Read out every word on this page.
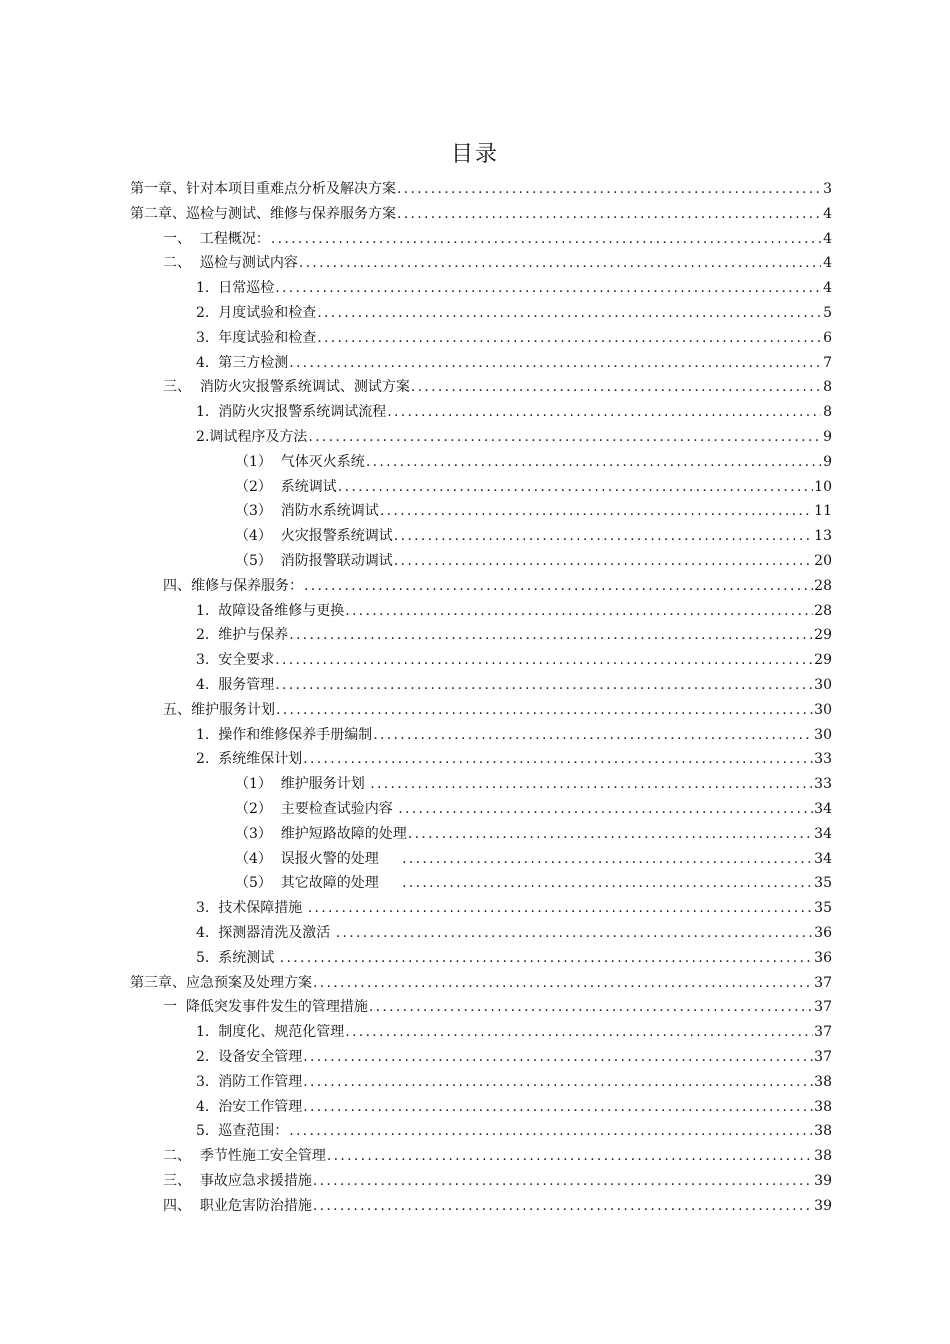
目录
第一章、针对本项目重难点分析及解决方案 .....	3
第二章、巡检与测试、维修与保养服务方案 .....	4
一、  工程概况： .....	4
二、  巡检与测试内容 .....	4
1.  日常巡检 .....	4
2.  月度试验和检查 .....	5
3.  年度试验和检查 .....	6
4.  第三方检测 .....	7
三、  消防火灾报警系统调试、测试方案 .....	8
1.  消防火灾报警系统调试流程 .....	8
2.调试程序及方法 .....	9
（1）  气体灭火系统 .....	9
（2）  系统调试 .....	10
（3）  消防水系统调试 .....	11
（4）  火灾报警系统调试 .....	13
（5）  消防报警联动调试 .....	20
四、维修与保养服务： .....	28
1.  故障设备维修与更换 .....	28
2.  维护与保养 .....	29
3.  安全要求 .....	29
4.  服务管理 .....	30
五、维护服务计划 .....	30
1.  操作和维修保养手册编制 .....	30
2.  系统维保计划 .....	33
（1）  维护服务计划 .....	33
（2）  主要检查试验内容 .....	34
（3）  维护短路故障的处理 .....	34
（4）  误报火警的处理 .....	34
（5）  其它故障的处理 .....	35
3.  技术保障措施 .....	35
4.  探测器清洗及激活 .....	36
5.  系统测试 .....	36
第三章、应急预案及处理方案 .....	37
一  降低突发事件发生的管理措施 .....	37
1.  制度化、规范化管理 .....	37
2.  设备安全管理 .....	37
3.  消防工作管理 .....	38
4.  治安工作管理 .....	38
5.  巡查范围： .....	38
二、  季节性施工安全管理 .....	38
三、  事故应急求援措施 .....	39
四、  职业危害防治措施 .....	39
